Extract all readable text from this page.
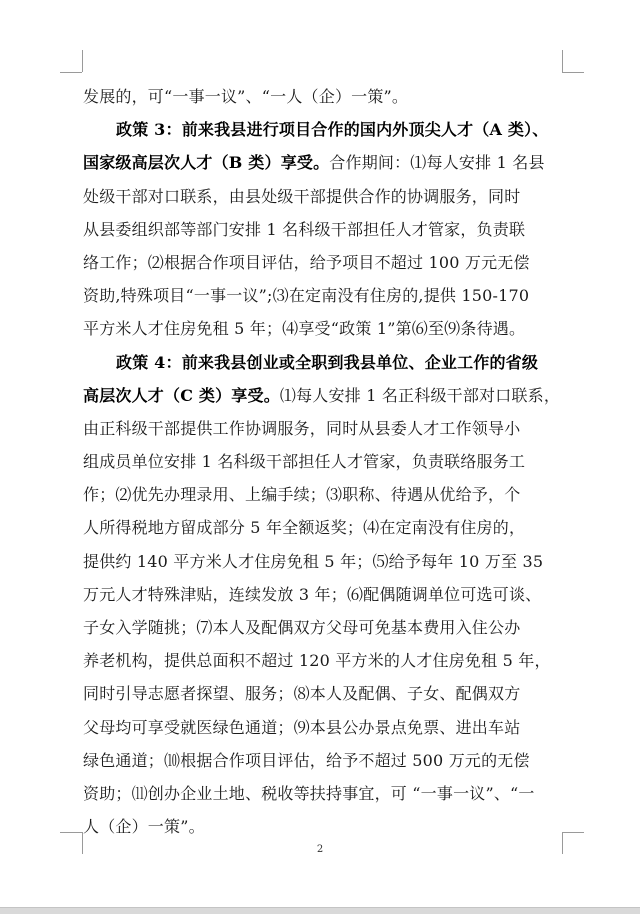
发展的，可“一事一议”、“一人（企）一策”。
政策 3：前来我县进行项目合作的国内外顶尖人才（A 类）、
国家级高层次人才（B 类）享受。合作期间：⑴每人安排 1 名县
处级干部对口联系，由县处级干部提供合作的协调服务，同时
从县委组织部等部门安排 1 名科级干部担任人才管家，负责联
络工作；⑵根据合作项目评估，给予项目不超过 100 万元无偿
资助,特殊项目“一事一议”;⑶在定南没有住房的,提供 150-170
平方米人才住房免租 5 年；⑷享受“政策 1”第⑹至⑼条待遇。
政策 4：前来我县创业或全职到我县单位、企业工作的省级
高层次人才（C 类）享受。⑴每人安排 1 名正科级干部对口联系，
由正科级干部提供工作协调服务，同时从县委人才工作领导小
组成员单位安排 1 名科级干部担任人才管家，负责联络服务工
作；⑵优先办理录用、上编手续；⑶职称、待遇从优给予，个
人所得税地方留成部分 5 年全额返奖；⑷在定南没有住房的，
提供约 140 平方米人才住房免租 5 年；⑸给予每年 10 万至 35
万元人才特殊津贴，连续发放 3 年；⑹配偶随调单位可选可谈、
子女入学随挑；⑺本人及配偶双方父母可免基本费用入住公办
养老机构，提供总面积不超过 120 平方米的人才住房免租 5 年，
同时引导志愿者探望、服务；⑻本人及配偶、子女、配偶双方
父母均可享受就医绿色通道；⑼本县公办景点免票、进出车站
绿色通道；⑽根据合作项目评估，给予不超过 500 万元的无偿
资助；⑾创办企业土地、税收等扶持事宜，可 “一事一议”、“一
人（企）一策”。
2
